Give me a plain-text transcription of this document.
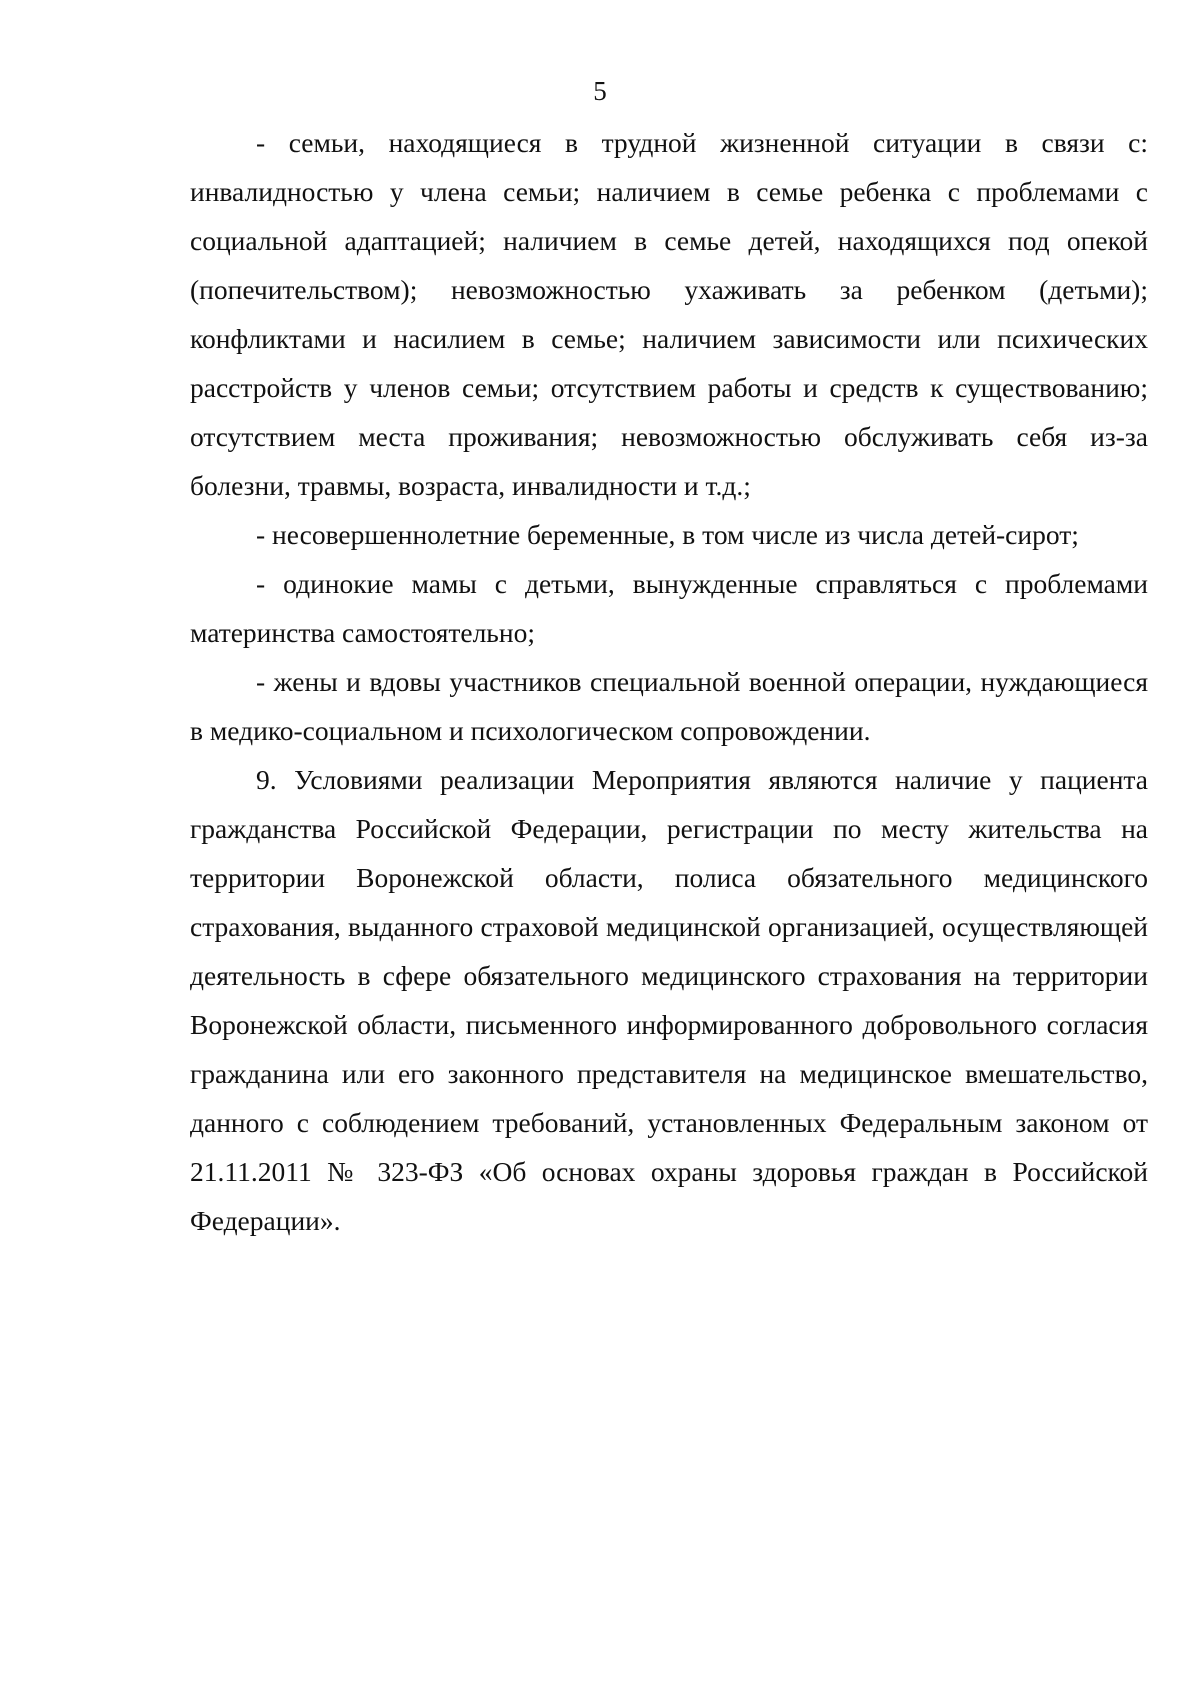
5

- семьи, находящиеся в трудной жизненной ситуации в связи с: инвалидностью у члена семьи; наличием в семье ребенка с проблемами с социальной адаптацией; наличием в семье детей, находящихся под опекой (попечительством); невозможностью ухаживать за ребенком (детьми); конфликтами и насилием в семье; наличием зависимости или психических расстройств у членов семьи; отсутствием работы и средств к существованию; отсутствием места проживания; невозможностью обслуживать себя из-за болезни, травмы, возраста, инвалидности и т.д.;

- несовершеннолетние беременные, в том числе из числа детей-сирот;

- одинокие мамы с детьми, вынужденные справляться с проблемами материнства самостоятельно;

- жены и вдовы участников специальной военной операции, нуждающиеся в медико-социальном и психологическом сопровождении.

9. Условиями реализации Мероприятия являются наличие у пациента гражданства Российской Федерации, регистрации по месту жительства на территории Воронежской области, полиса обязательного медицинского страхования, выданного страховой медицинской организацией, осуществляющей деятельность в сфере обязательного медицинского страхования на территории Воронежской области, письменного информированного добровольного согласия гражданина или его законного представителя на медицинское вмешательство, данного с соблюдением требований, установленных Федеральным законом от 21.11.2011 № 323-ФЗ «Об основах охраны здоровья граждан в Российской Федерации».
